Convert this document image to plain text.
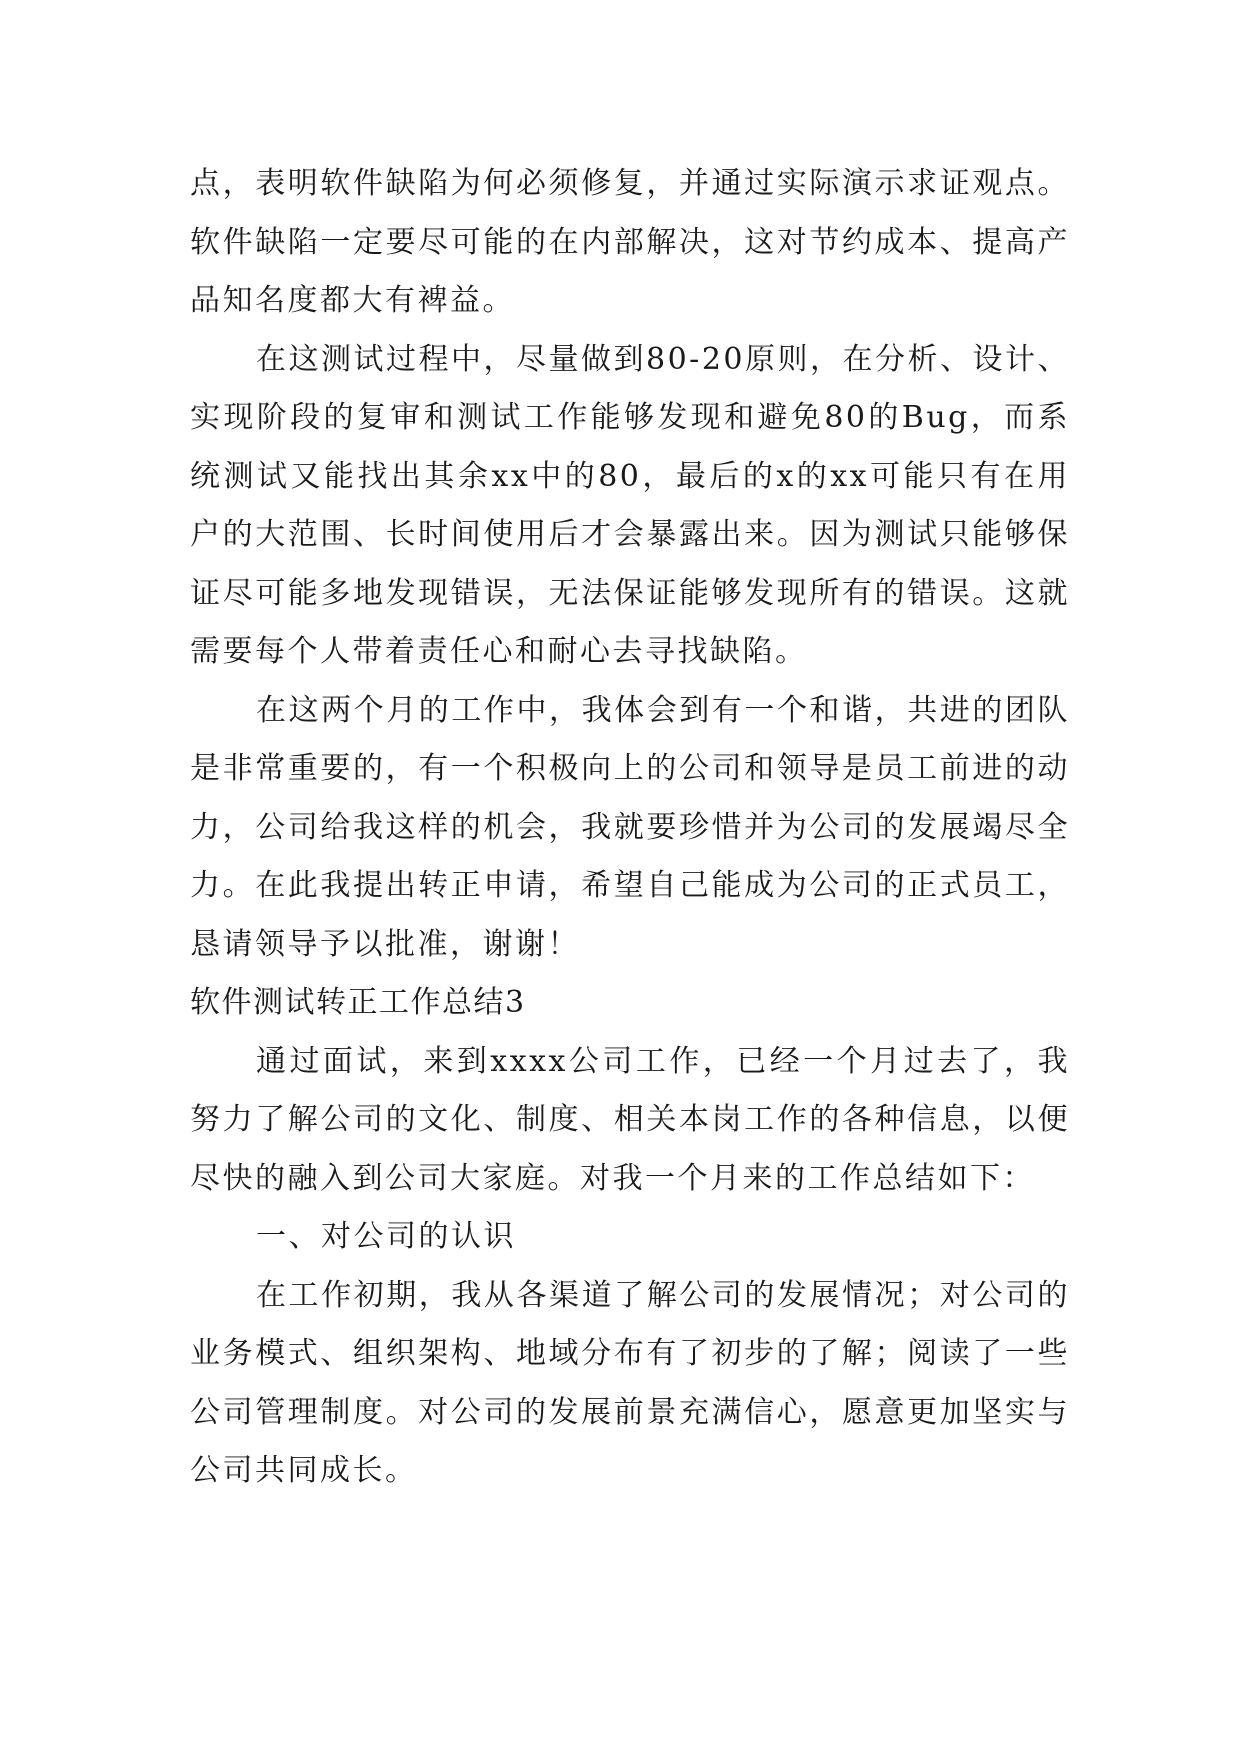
点，表明软件缺陷为何必须修复，并通过实际演示求证观点。软件缺陷一定要尽可能的在内部解决，这对节约成本、提高产品知名度都大有裨益。

在这测试过程中，尽量做到80-20原则，在分析、设计、实现阶段的复审和测试工作能够发现和避免80的Bug，而系统测试又能找出其余xx中的80，最后的x的xx可能只有在用户的大范围、长时间使用后才会暴露出来。因为测试只能够保证尽可能多地发现错误，无法保证能够发现所有的错误。这就需要每个人带着责任心和耐心去寻找缺陷。

在这两个月的工作中，我体会到有一个和谐，共进的团队是非常重要的，有一个积极向上的公司和领导是员工前进的动力，公司给我这样的机会，我就要珍惜并为公司的发展竭尽全力。在此我提出转正申请，希望自己能成为公司的正式员工，恳请领导予以批准，谢谢！

软件测试转正工作总结3

通过面试，来到xxxx公司工作，已经一个月过去了，我努力了解公司的文化、制度、相关本岗工作的各种信息，以便尽快的融入到公司大家庭。对我一个月来的工作总结如下：

一、对公司的认识

在工作初期，我从各渠道了解公司的发展情况；对公司的业务模式、组织架构、地域分布有了初步的了解；阅读了一些公司管理制度。对公司的发展前景充满信心，愿意更加坚实与公司共同成长。
